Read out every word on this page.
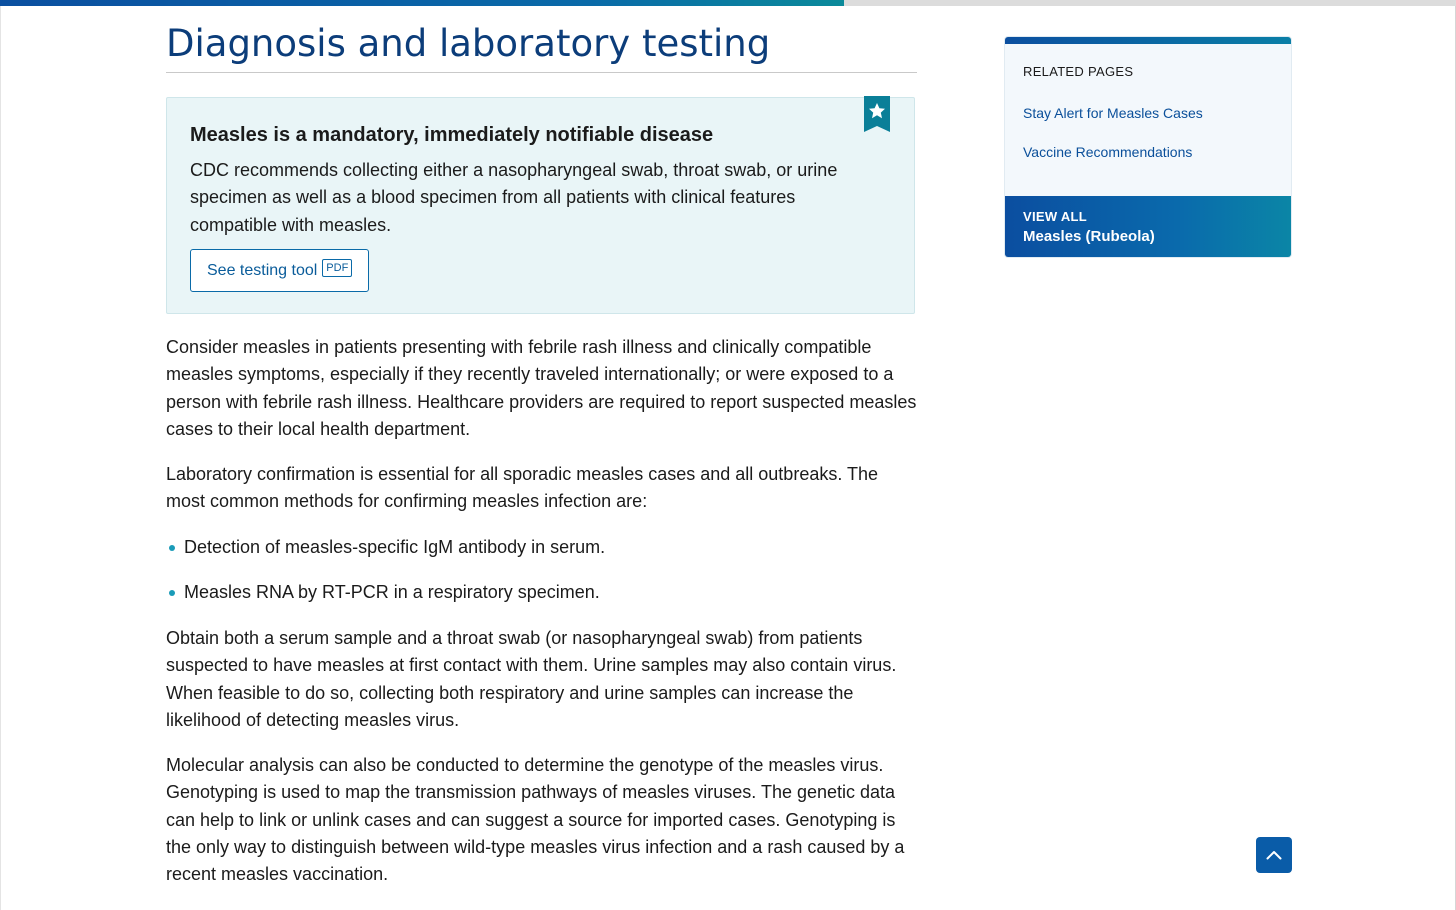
Diagnosis and laboratory testing
Measles is a mandatory, immediately notifiable disease

CDC recommends collecting either a nasopharyngeal swab, throat swab, or urine specimen as well as a blood specimen from all patients with clinical features compatible with measles.

See testing tool PDF

Consider measles in patients presenting with febrile rash illness and clinically compatible measles symptoms, especially if they recently traveled internationally; or were exposed to a person with febrile rash illness. Healthcare providers are required to report suspected measles cases to their local health department.

Laboratory confirmation is essential for all sporadic measles cases and all outbreaks. The most common methods for confirming measles infection are:

Detection of measles-specific IgM antibody in serum.
Measles RNA by RT-PCR in a respiratory specimen.

Obtain both a serum sample and a throat swab (or nasopharyngeal swab) from patients suspected to have measles at first contact with them. Urine samples may also contain virus. When feasible to do so, collecting both respiratory and urine samples can increase the likelihood of detecting measles virus.

Molecular analysis can also be conducted to determine the genotype of the measles virus. Genotyping is used to map the transmission pathways of measles viruses. The genetic data can help to link or unlink cases and can suggest a source for imported cases. Genotyping is the only way to distinguish between wild-type measles virus infection and a rash caused by a recent measles vaccination.

RELATED PAGES
Stay Alert for Measles Cases
Vaccine Recommendations
VIEW ALL
Measles (Rubeola)
